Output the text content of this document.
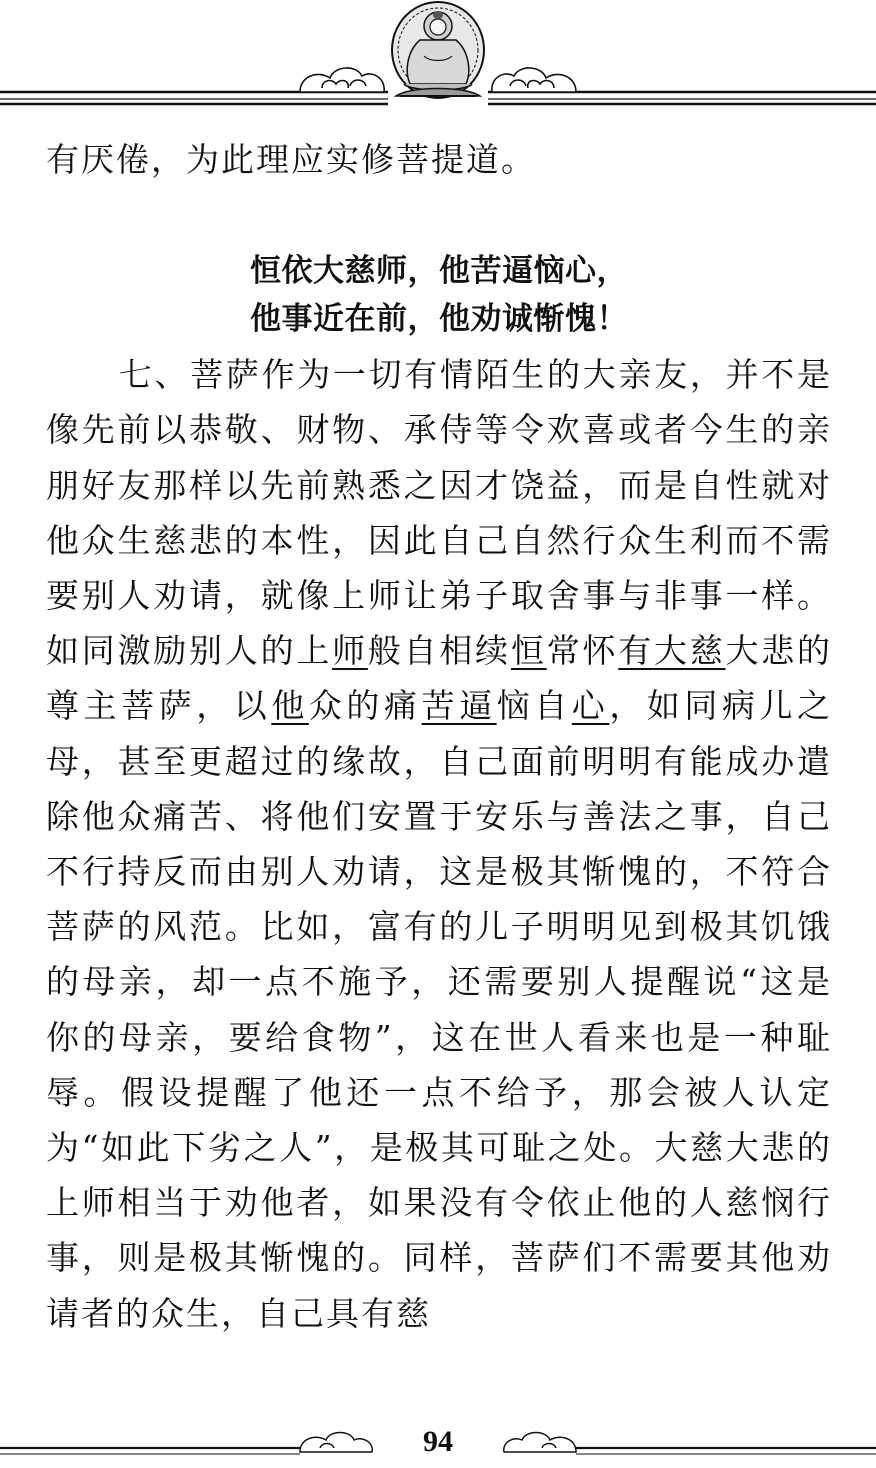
有厌倦，为此理应实修菩提道。

恒依大慈师，他苦逼恼心，

他事近在前，他劝诚惭愧！

七、菩萨作为一切有情陌生的大亲友，并不是像先前以恭敬、财物、承侍等令欢喜或者今生的亲朋好友那样以先前熟悉之因才饶益，而是自性就对他众生慈悲的本性，因此自己自然行众生利而不需要别人劝请，就像上师让弟子取舍事与非事一样。如同激励别人的上师般自相续恒常怀有大慈大悲的尊主菩萨，以他众的痛苦逼恼自心，如同病儿之母，甚至更超过的缘故，自己面前明明有能成办遣除他众痛苦、将他们安置于安乐与善法之事，自己不行持反而由别人劝请，这是极其惭愧的，不符合菩萨的风范。比如，富有的儿子明明见到极其饥饿的母亲，却一点不施予，还需要别人提醒说“这是你的母亲，要给食物”，这在世人看来也是一种耻辱。假设提醒了他还一点不给予，那会被人认定为“如此下劣之人”，是极其可耻之处。大慈大悲的上师相当于劝他者，如果没有令依止他的人慈悯行事，则是极其惭愧的。同样，菩萨们不需要其他劝请者的众生，自己具有慈

94
